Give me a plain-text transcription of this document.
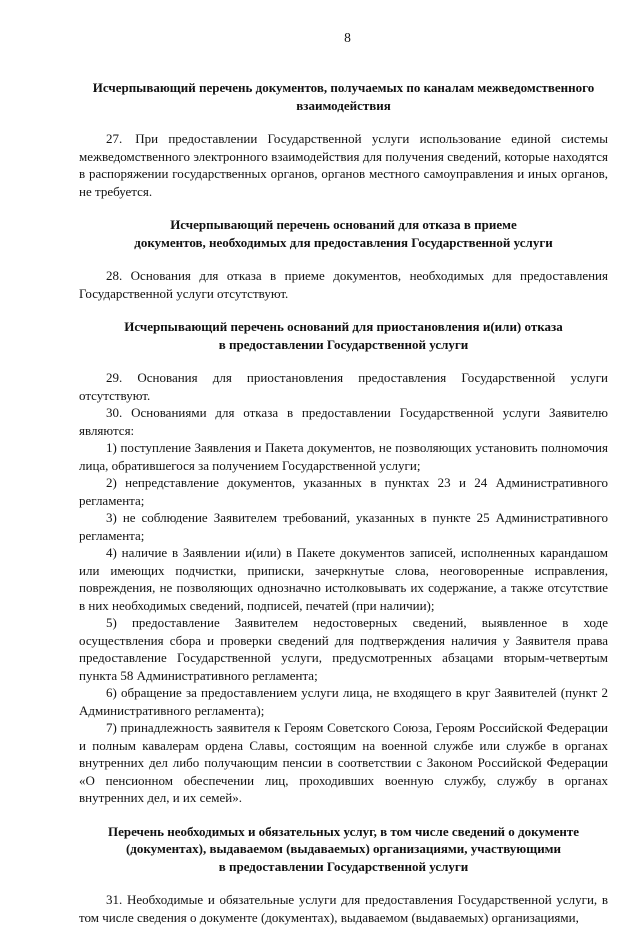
8
Исчерпывающий перечень документов, получаемых по каналам межведомственного
взаимодействия

27. При предоставлении Государственной услуги использование единой системы межведомственного электронного взаимодействия для получения сведений, которые находятся в распоряжении государственных органов, органов местного самоуправления и иных органов, не требуется.

Исчерпывающий перечень оснований для отказа в приеме
документов, необходимых для предоставления Государственной услуги

28. Основания для отказа в приеме документов, необходимых для предоставления Государственной услуги отсутствуют.

Исчерпывающий перечень оснований для приостановления и(или) отказа
в предоставлении Государственной услуги

29. Основания для приостановления предоставления Государственной услуги отсутствуют.

30. Основаниями для отказа в предоставлении Государственной услуги Заявителю являются:

1) поступление Заявления и Пакета документов, не позволяющих установить полномочия лица, обратившегося за получением Государственной услуги;

2) непредставление документов, указанных в пунктах 23 и 24 Административного регламента;

3) не соблюдение Заявителем требований, указанных в пункте 25 Административного регламента;

4) наличие в Заявлении и(или) в Пакете документов записей, исполненных карандашом или имеющих подчистки, приписки, зачеркнутые слова, неоговоренные исправления, повреждения, не позволяющих однозначно истолковывать их содержание, а также отсутствие в них необходимых сведений, подписей, печатей (при наличии);

5) предоставление Заявителем недостоверных сведений, выявленное в ходе осуществления сбора и проверки сведений для подтверждения наличия у Заявителя права предоставление Государственной услуги, предусмотренных абзацами вторым-четвертым пункта 58 Административного регламента;

6) обращение за предоставлением услуги лица, не входящего в круг Заявителей (пункт 2 Административного регламента);

7) принадлежность заявителя к Героям Советского Союза, Героям Российской Федерации и полным кавалерам ордена Славы, состоящим на военной службе или службе в органах внутренних дел либо получающим пенсии в соответствии с Законом Российской Федерации «О пенсионном обеспечении лиц, проходивших военную службу, службу в органах внутренних дел, и их семей».

Перечень необходимых и обязательных услуг, в том числе сведений о документе
(документах), выдаваемом (выдаваемых) организациями, участвующими
в предоставлении Государственной услуги

31. Необходимые и обязательные услуги для предоставления Государственной услуги, в том числе сведения о документе (документах), выдаваемом (выдаваемых) организациями,
